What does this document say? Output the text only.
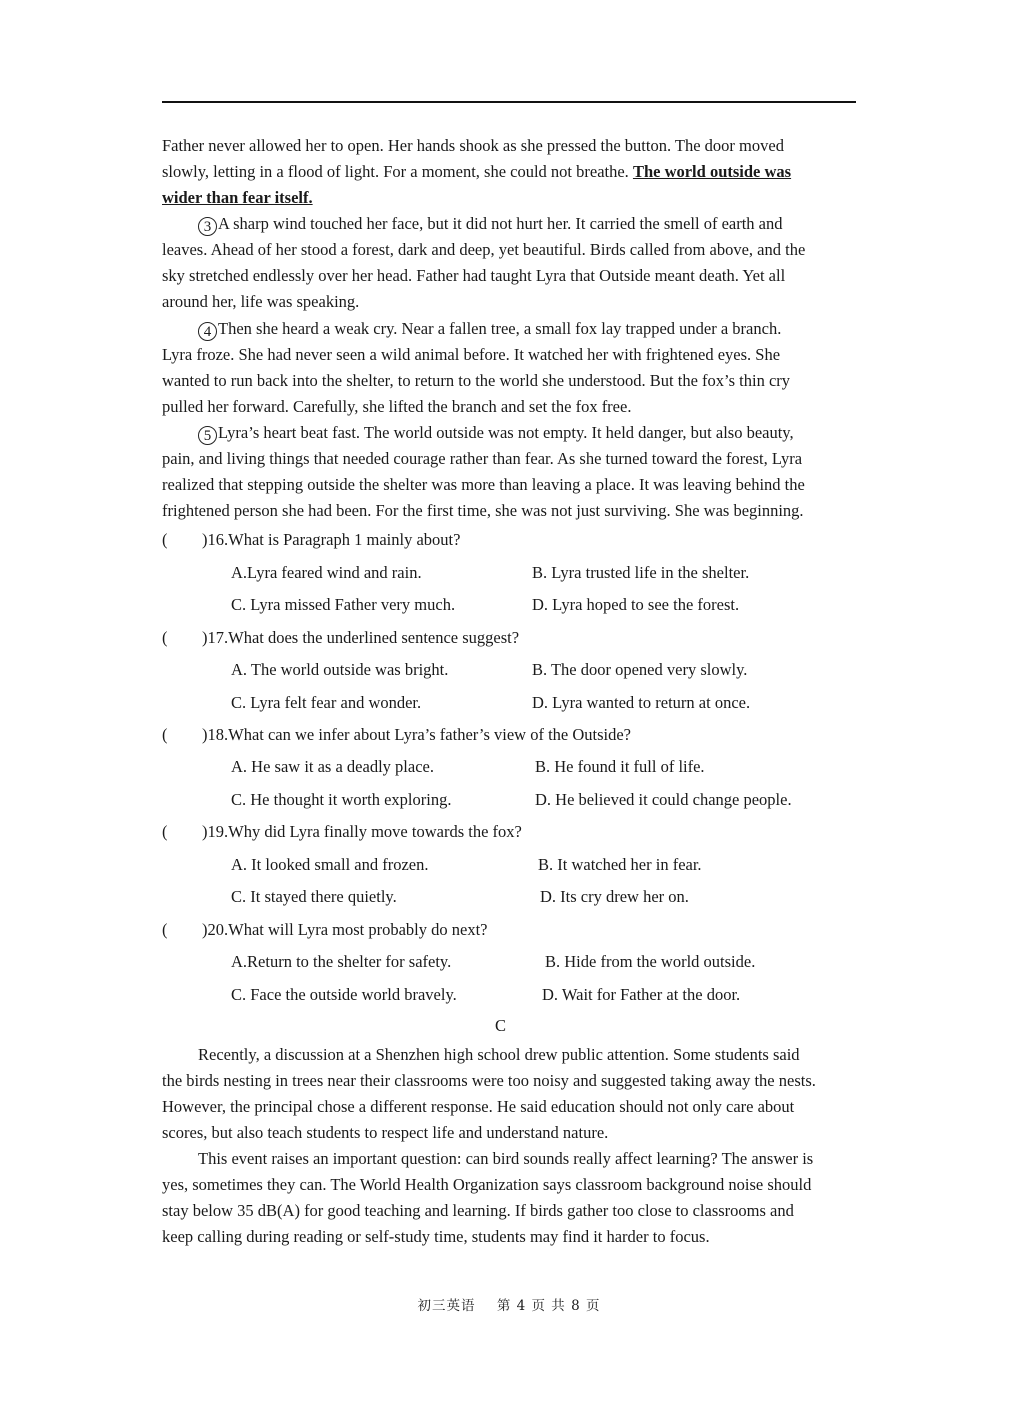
Father never allowed her to open. Her hands shook as she pressed the button. The door moved
slowly, letting in a flood of light. For a moment, she could not breathe. The world outside was
wider than fear itself.
3 A sharp wind touched her face, but it did not hurt her. It carried the smell of earth and
leaves. Ahead of her stood a forest, dark and deep, yet beautiful. Birds called from above, and the
sky stretched endlessly over her head. Father had taught Lyra that Outside meant death. Yet all
around her, life was speaking.
4 Then she heard a weak cry. Near a fallen tree, a small fox lay trapped under a branch.
Lyra froze. She had never seen a wild animal before. It watched her with frightened eyes. She
wanted to run back into the shelter, to return to the world she understood. But the fox’s thin cry
pulled her forward. Carefully, she lifted the branch and set the fox free.
5 Lyra’s heart beat fast. The world outside was not empty. It held danger, but also beauty,
pain, and living things that needed courage rather than fear. As she turned toward the forest, Lyra
realized that stepping outside the shelter was more than leaving a place. It was leaving behind the
frightened person she had been. For the first time, she was not just surviving. She was beginning.
( )16.What is Paragraph 1 mainly about?
A.Lyra feared wind and rain.	B. Lyra trusted life in the shelter.
C. Lyra missed Father very much.	D. Lyra hoped to see the forest.
( )17.What does the underlined sentence suggest?
A. The world outside was bright.	B. The door opened very slowly.
C. Lyra felt fear and wonder.	D. Lyra wanted to return at once.
( )18.What can we infer about Lyra’s father’s view of the Outside?
A. He saw it as a deadly place.	B. He found it full of life.
C. He thought it worth exploring.	D. He believed it could change people.
( )19.Why did Lyra finally move towards the fox?
A. It looked small and frozen.	B. It watched her in fear.
C. It stayed there quietly.	D. Its cry drew her on.
( )20.What will Lyra most probably do next?
A.Return to the shelter for safety.	B. Hide from the world outside.
C. Face the outside world bravely.	D. Wait for Father at the door.
C
Recently, a discussion at a Shenzhen high school drew public attention. Some students said
the birds nesting in trees near their classrooms were too noisy and suggested taking away the nests.
However, the principal chose a different response. He said education should not only care about
scores, but also teach students to respect life and understand nature.
This event raises an important question: can bird sounds really affect learning? The answer is
yes, sometimes they can. The World Health Organization says classroom background noise should
stay below 35 dB(A) for good teaching and learning. If birds gather too close to classrooms and
keep calling during reading or self-study time, students may find it harder to focus.
初三英语 第 4 页 共 8 页
